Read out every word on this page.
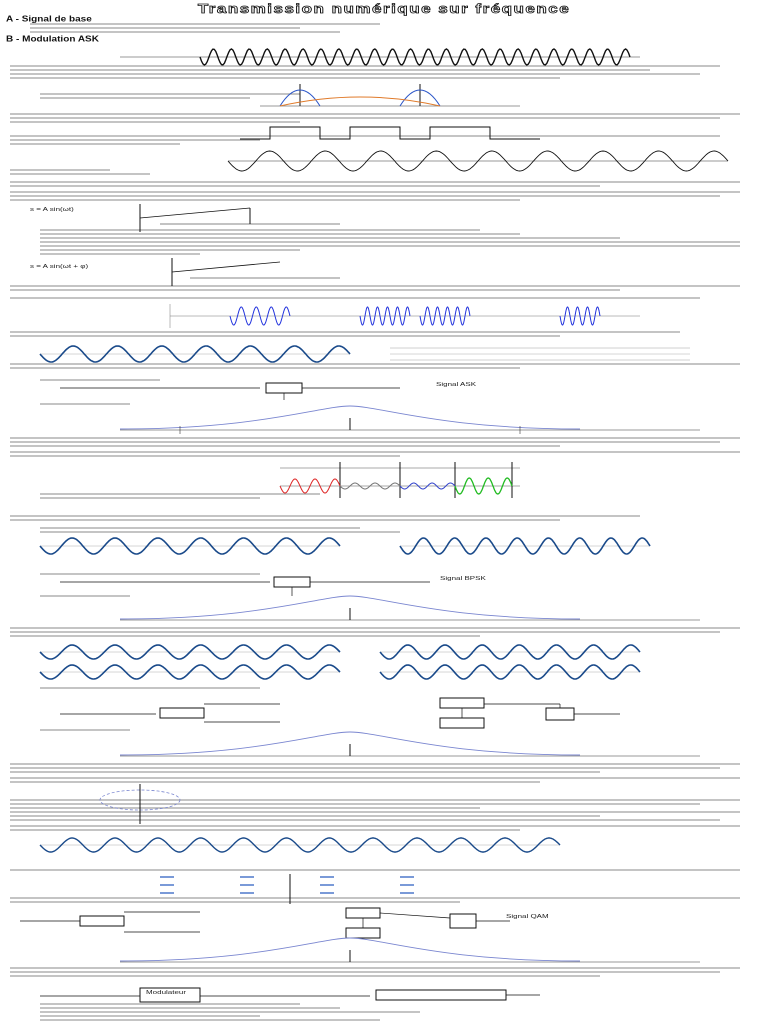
Transmission numérique sur fréquence
A - Signal de base
B - Modulation ASK
s = A sin(ωt)
s = A sin(ωt + φ)
Signal ASK
Signal BPSK
Signal QAM
Modulateur
